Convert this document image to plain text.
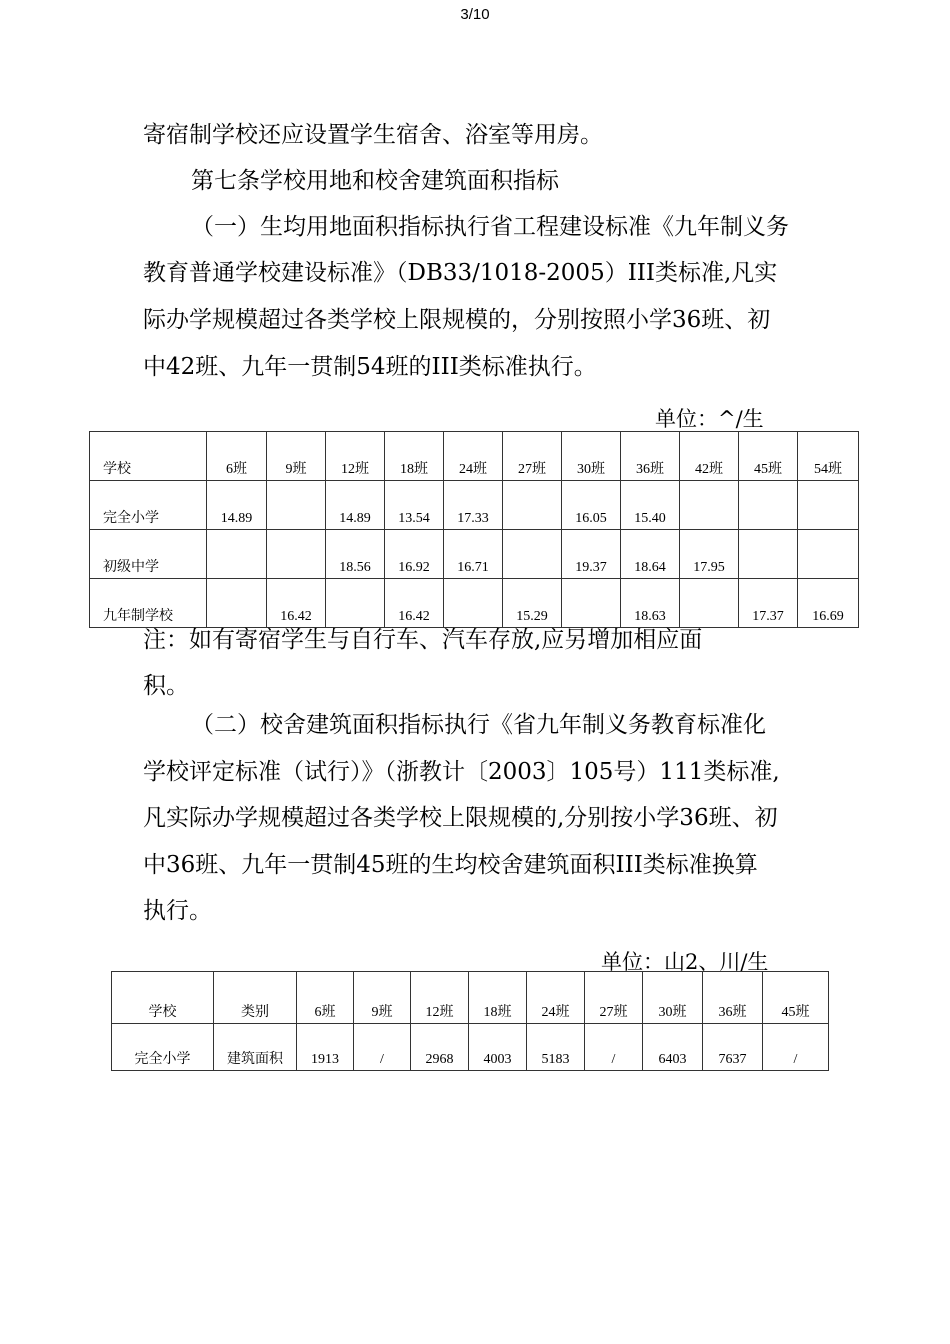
3/10
寄宿制学校还应设置学生宿舍、浴室等用房。
第七条学校用地和校舍建筑面积指标
（一）生均用地面积指标执行省工程建设标准《九年制义务
教育普通学校建设标准》（DB33/1018-2005）III类标准,凡实
际办学规模超过各类学校上限规模的，分别按照小学36班、初
中42班、九年一贯制54班的III类标准执行。
单位：^/生
学校	6班	9班	12班	18班	24班	27班	30班	36班	42班	45班	54班
完全小学	14.89		14.89	13.54	17.33		16.05	15.40			
初级中学			18.56	16.92	16.71		19.37	18.64	17.95		
九年制学校		16.42		16.42		15.29		18.63		17.37	16.69
注：如有寄宿学生与自行车、汽车存放,应另增加相应面
积。
（二）校舍建筑面积指标执行《省九年制义务教育标准化
学校评定标准（试行）》（浙教计〔2003〕105号）111类标准,
凡实际办学规模超过各类学校上限规模的,分别按小学36班、初
中36班、九年一贯制45班的生均校舍建筑面积III类标准换算
执行。
单位：山2、川/生
学校	类别	6班	9班	12班	18班	24班	27班	30班	36班	45班
完全小学	建筑面积	1913	/	2968	4003	5183	/	6403	7637	/
